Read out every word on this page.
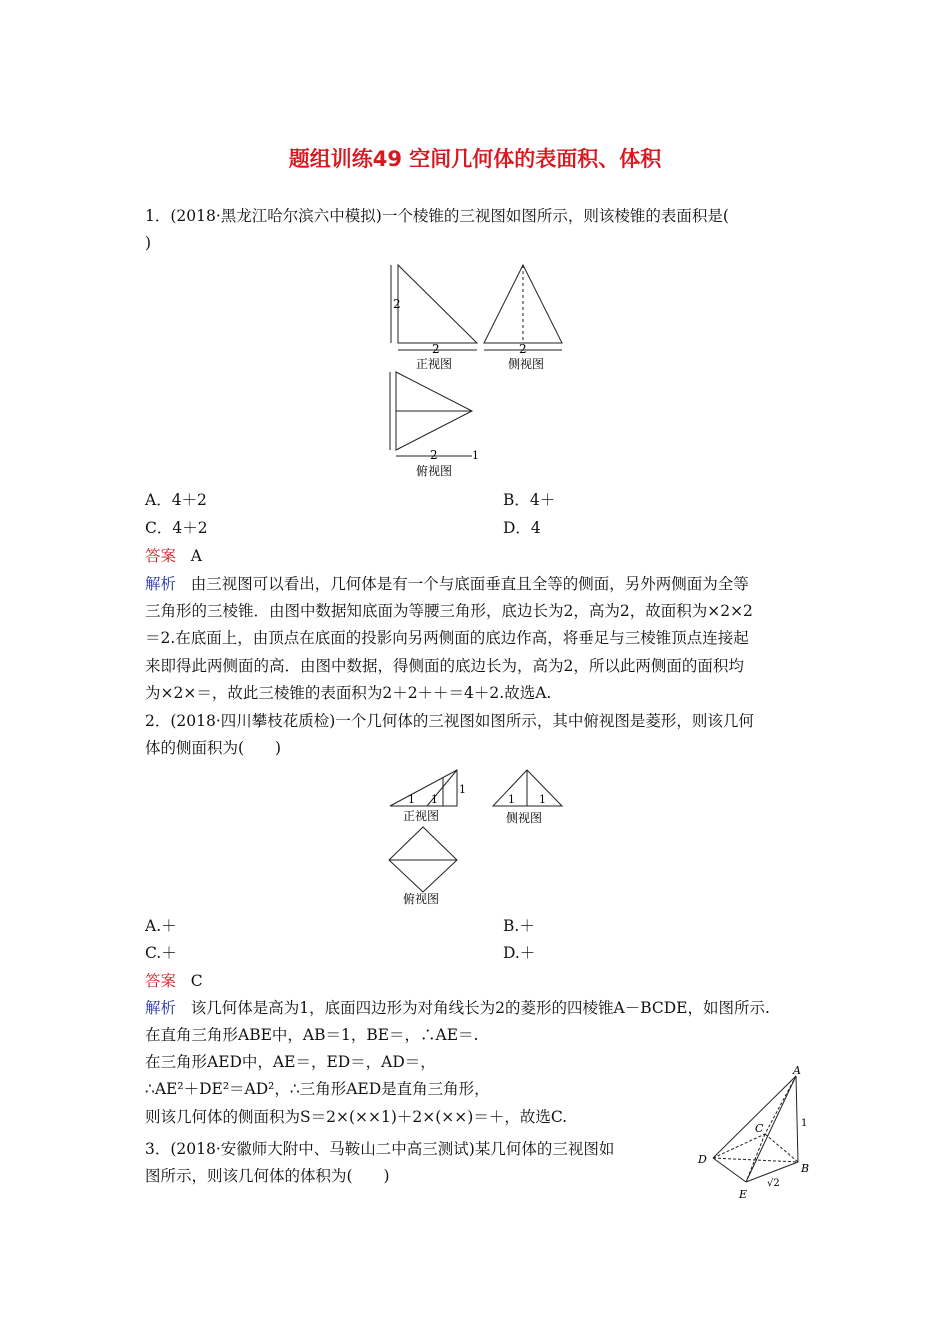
题组训练49 空间几何体的表面积、体积
1．(2018·黑龙江哈尔滨六中模拟)一个棱锥的三视图如图所示，则该棱锥的表面积是(
)
2
2
正视图
2
侧视图
2	1
俯视图
A．4＋2	B．4＋
C．4＋2	D．4
答案 A
解析 由三视图可以看出，几何体是有一个与底面垂直且全等的侧面，另外两侧面为全等
三角形的三棱锥．由图中数据知底面为等腰三角形，底边长为2，高为2，故面积为×2×2
＝2.在底面上，由顶点在底面的投影向另两侧面的底边作高，将垂足与三棱锥顶点连接起
来即得此两侧面的高．由图中数据，得侧面的底边长为，高为2，所以此两侧面的面积均
为×2×＝，故此三棱锥的表面积为2＋2＋＋＝4＋2.故选A.
2．(2018·四川攀枝花质检)一个几何体的三视图如图所示，其中俯视图是菱形，则该几何
体的侧面积为(　　)
1 1
1
正视图
1 1
侧视图
俯视图
A.＋	B.＋
C.＋	D.＋
答案 C
解析 该几何体是高为1，底面四边形为对角线长为2的菱形的四棱锥A－BCDE，如图所示.
在直角三角形ABE中，AB＝1，BE＝，∴AE＝.
在三角形AED中，AE＝，ED＝，AD＝，
∴AE²＋DE²＝AD²，∴三角形AED是直角三角形，
则该几何体的侧面积为S＝2×(××1)＋2×(××)＝＋，故选C.
A
B
C
D
E
1
√2
3．(2018·安徽师大附中、马鞍山二中高三测试)某几何体的三视图如
图所示，则该几何体的体积为(　　)
